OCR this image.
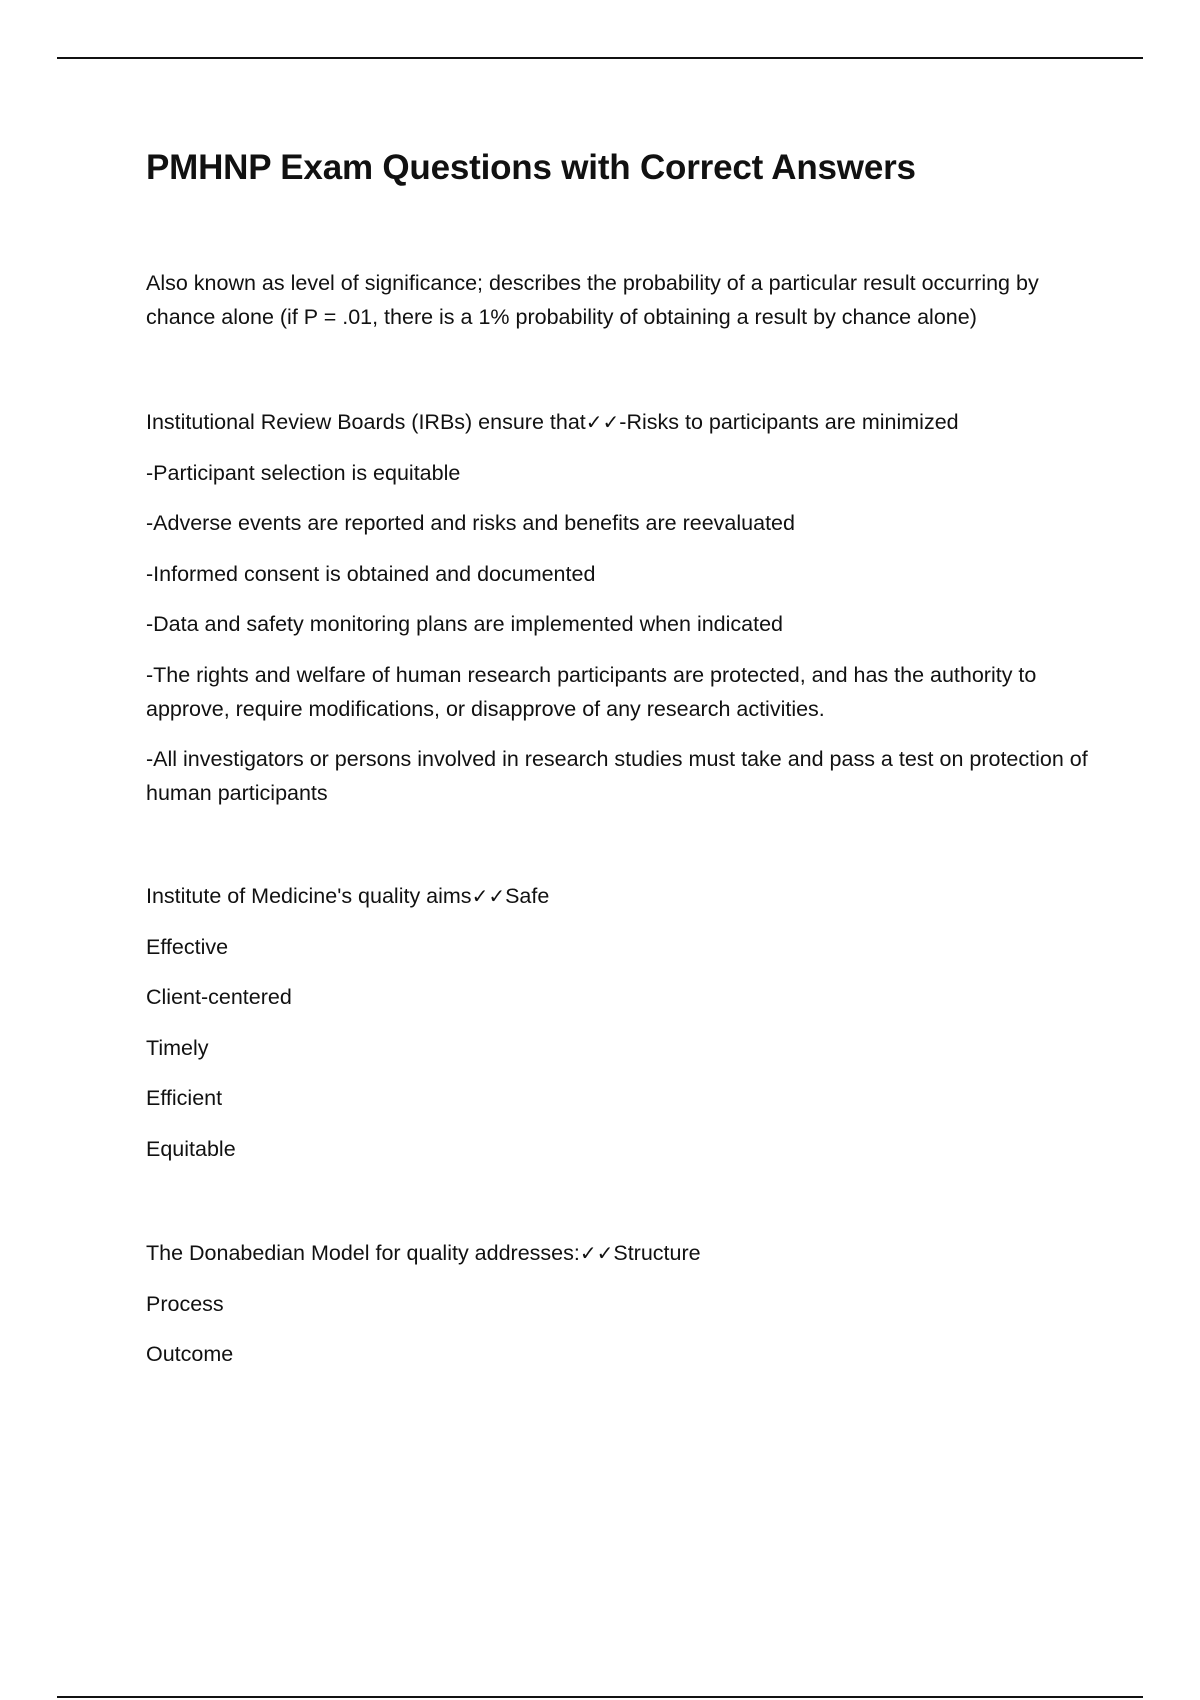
PMHNP Exam Questions with Correct Answers

Also known as level of significance; describes the probability of a particular result occurring by chance alone (if P = .01, there is a 1% probability of obtaining a result by chance alone)

Institutional Review Boards (IRBs) ensure that✓✓-Risks to participants are minimized

-Participant selection is equitable

-Adverse events are reported and risks and benefits are reevaluated

-Informed consent is obtained and documented

-Data and safety monitoring plans are implemented when indicated

-The rights and welfare of human research participants are protected, and has the authority to approve, require modifications, or disapprove of any research activities.

-All investigators or persons involved in research studies must take and pass a test on protection of human participants

Institute of Medicine's quality aims✓✓Safe

Effective

Client-centered

Timely

Efficient

Equitable

The Donabedian Model for quality addresses:✓✓Structure

Process

Outcome
